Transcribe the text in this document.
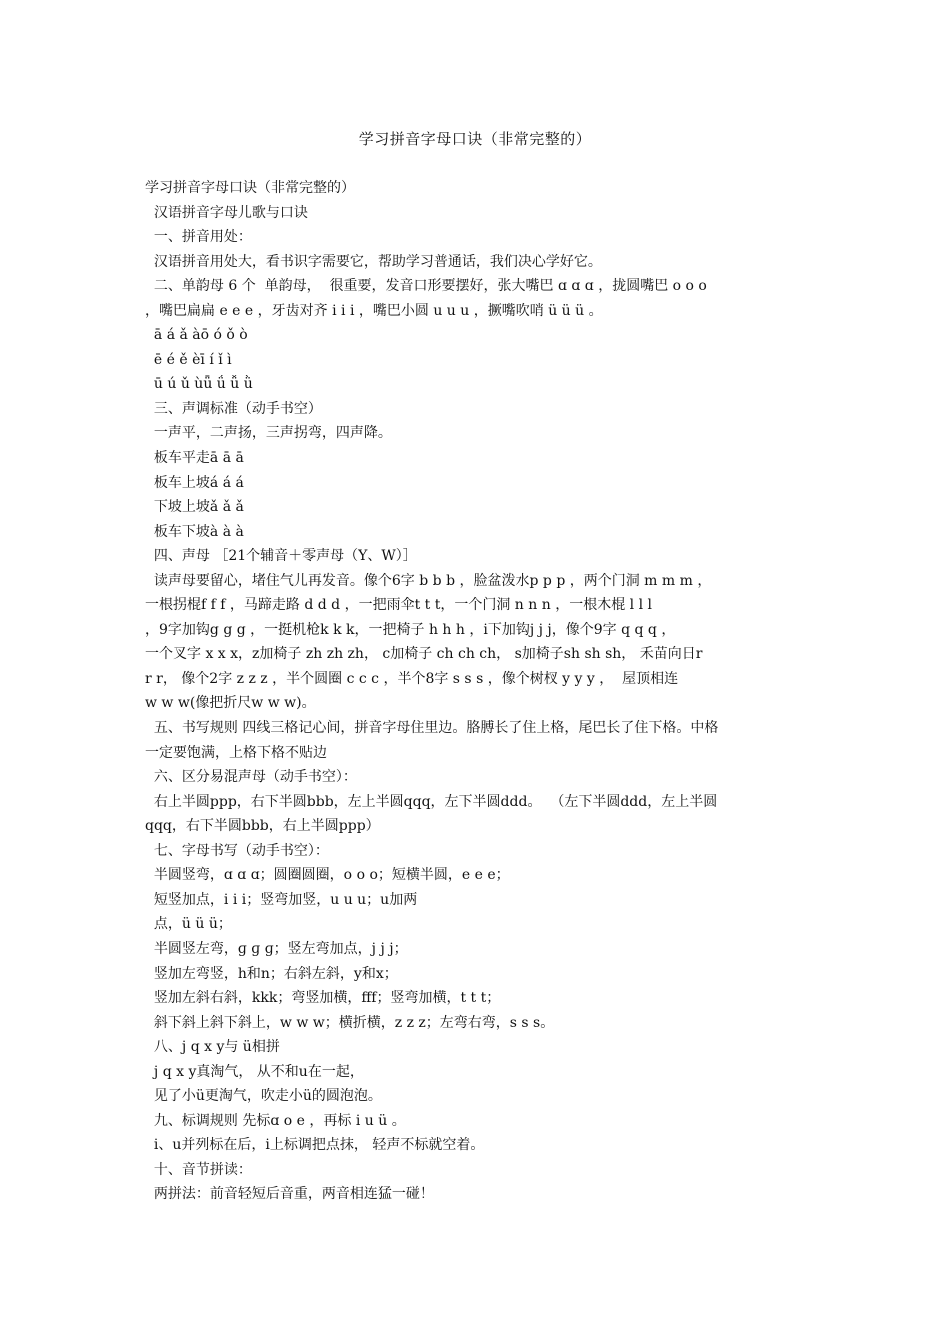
学习拼音字母口诀（非常完整的）
学习拼音字母口诀（非常完整的）
汉语拼音字母儿歌与口诀
一、拼音用处：
汉语拼音用处大，看书识字需要它，帮助学习普通话，我们决心学好它。
二、单韵母 6 个  单韵母，  很重要，发音口形要摆好，张大嘴巴 ɑ ɑ ɑ ，拢圆嘴巴 o o o
，嘴巴扁扁 e e e ，牙齿对齐 i i i ，嘴巴小圆 u u u ，撅嘴吹哨 ü ü ü 。
ā á ǎ àō ó ǒ ò
ē é ě èī í ǐ ì
ū ú ǔ ùǖ ǘ ǚ ǜ
三、声调标准（动手书空）
一声平，二声扬，三声拐弯，四声降。
板车平走ā ā ā
板车上坡á á á
下坡上坡ǎ ǎ ǎ
板车下坡à à à
四、声母 ［21个辅音＋零声母（Y、W）］
读声母要留心，堵住气儿再发音。像个6字 b b b ，脸盆泼水p p p ，两个门洞 m m m ，
一根拐棍f f f ，马蹄走路 d d d ，一把雨伞t t t，一个门洞 n n n ，一根木棍 l l l
，9字加钩g g g ，一挺机枪k k k，一把椅子 h h h ，i下加钩j j j，像个9字 q q q ，
一个叉字 x x x，z加椅子 zh zh zh， c加椅子 ch ch ch， s加椅子sh sh sh， 禾苗向日r
r r， 像个2字 z z z ，半个圆圈 c c c ，半个8字 s s s ，像个树杈 y y y ，  屋顶相连
w w w(像把折尺w w w)。
五、书写规则 四线三格记心间，拼音字母住里边。胳膊长了住上格，尾巴长了住下格。中格
一定要饱满，上格下格不贴边
六、区分易混声母（动手书空）：
右上半圆ppp，右下半圆bbb，左上半圆qqq，左下半圆ddd。  （左下半圆ddd，左上半圆
qqq，右下半圆bbb，右上半圆ppp）
七、字母书写（动手书空）：
半圆竖弯，ɑ ɑ ɑ；圆圈圆圈，o o o；短横半圆，e e e；
短竖加点，i i i；竖弯加竖，u u u；u加两
点，ü ü ü；
半圆竖左弯，ɡ ɡ ɡ；竖左弯加点，j j j；
竖加左弯竖，h和n；右斜左斜，y和x；
竖加左斜右斜，kkk；弯竖加横，fff；竖弯加横，t t t；
斜下斜上斜下斜上，w w w；横折横，z z z；左弯右弯，s s s。
八、j q x y与 ü相拼
j q x y真淘气， 从不和u在一起，
见了小ü更淘气，吹走小ü的圆泡泡。
九、标调规则 先标ɑ o e ，再标 i u ü 。
i、u并列标在后，i上标调把点抹， 轻声不标就空着。
十、音节拼读：
两拼法：前音轻短后音重，两音相连猛一碰！
